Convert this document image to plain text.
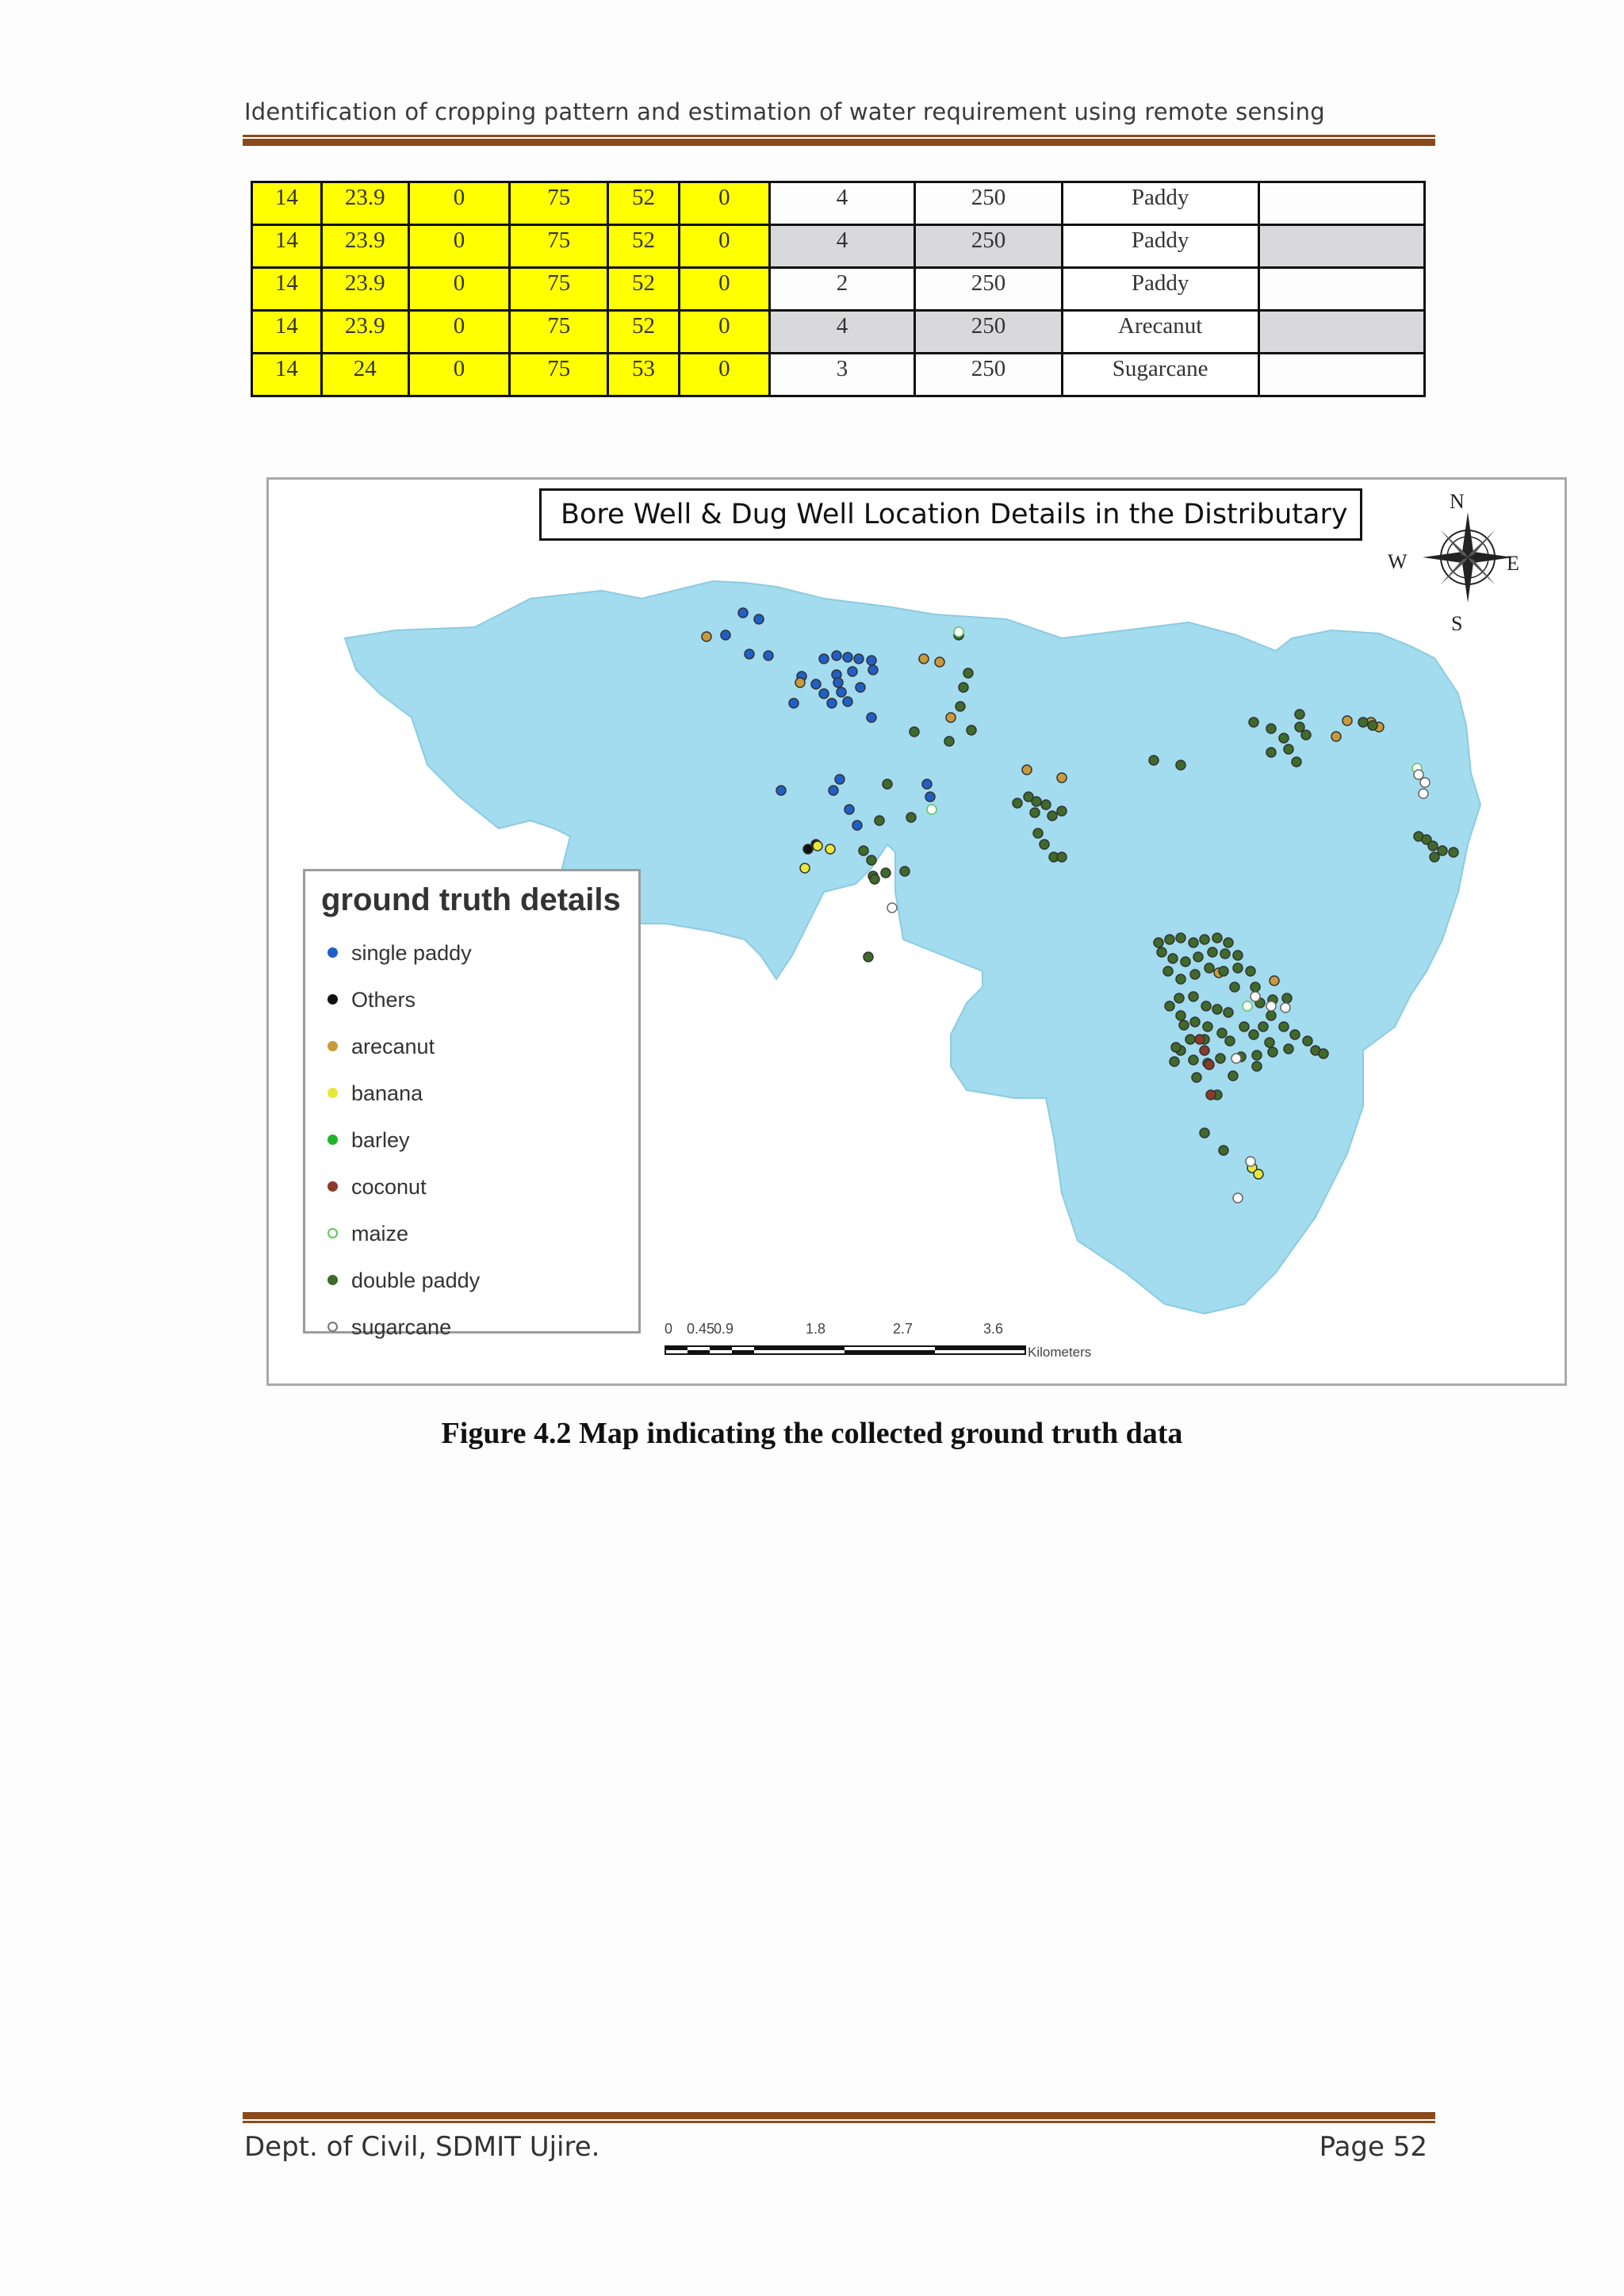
Identification of cropping pattern and estimation of water requirement using remote sensing
14	23.9	0	75	52	0	4	250	Paddy	
14	23.9	0	75	52	0	4	250	Paddy	
14	23.9	0	75	52	0	2	250	Paddy	
14	23.9	0	75	52	0	4	250	Arecanut	
14	24	0	75	53	0	3	250	Sugarcane	
Bore Well & Dug Well Location Details in the Distributary	N
S
W	E
ground truth details
single paddy
Others
arecanut
banana
barley
coconut
maize
double paddy
sugarcane	0 0.45
0.9	1.8	2.7	3.6
Kilometers
Figure 4.2 Map indicating the collected ground truth data
Dept. of Civil, SDMIT Ujire.	Page 52
